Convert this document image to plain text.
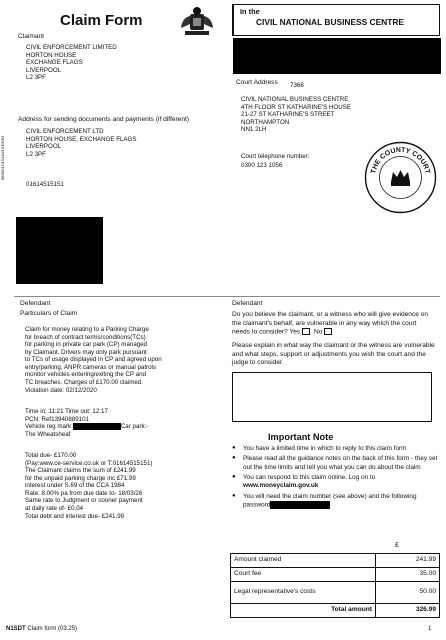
Claim Form
In the
CIVIL NATIONAL BUSINESS CENTRE
Claimant
CIVIL ENFORCEMENT LIMITED
HORTON HOUSE
EXCHANGE FLAGS
LIVERPOOL
L2 3PF
8868542/15110/1030964
Address for sending documents and payments (if different)
CIVIL ENFORCEMENT LTD
HORTON HOUSE, EXCHANGE FLAGS
LIVERPOOL
L2 3PF
01614515151
Court Address 7366
CIVIL NATIONAL BUSINESS CENTRE
4TH FLOOR ST KATHARINE'S HOUSE
21-27 ST KATHARINE'S STREET
NORTHAMPTON
NN1 2LH
Court telephone number:
0300 123 1056
THE COUNTY COURT
Defendant
Particulars of Claim
Claim for money relating to a Parking Charge
for breach of contract terms/conditions(TCs)
for parking in private car park (CP) managed
by Claimant. Drivers may only park pursuant
to TCs of usage displayed in CP and agreed upon
entry/parking. ANPR cameras or manual patrols
monitor vehicles entering/exiting the CP and
TC breaches. Charges of £170.00 claimed.
Violation date: 02/12/2020
Time in: 11:21 Time out: 12:17
PCN: Ref13940889101
Vehicle reg mark:	Car park:-
The Wheatsheaf
Total due- £170.00
(Pay:www.ce-service.co.uk or T:01614515151)
The Claimant claims the sum of £241.99
for the unpaid parking charge inc £71.99
interest under S.69 of the CCA 1984
Rate: 8.00% pa from due date to- 18/03/26
Same rate to Judgment or sooner payment
at daily rate of- £0.04
Total debt and interest due- £241.99
Defendant
Do you believe the claimant, or a witness who will give evidence on the claimant's behalf, are vulnerable in any way which the court needs to consider? Yes No
Please explain in what way the claimant or the witness are vulnerable and what steps, support or adjustments you wish the court and the judge to consider.
Important Note
● You have a limited time in which to reply to this claim form
● Please read all the guidance notes on the back of this form - they set out the time limits and tell you what you can do about the claim
● You can respond to this claim online. Log on to www.moneyclaim.gov.uk
● You will need the claim number (see above) and the following password
£
Amount claimed	241.99
Court fee	35.00
Legal representative's costs	50.00
Total amount	326.99
N1SDT Claim form (03.25)	1
